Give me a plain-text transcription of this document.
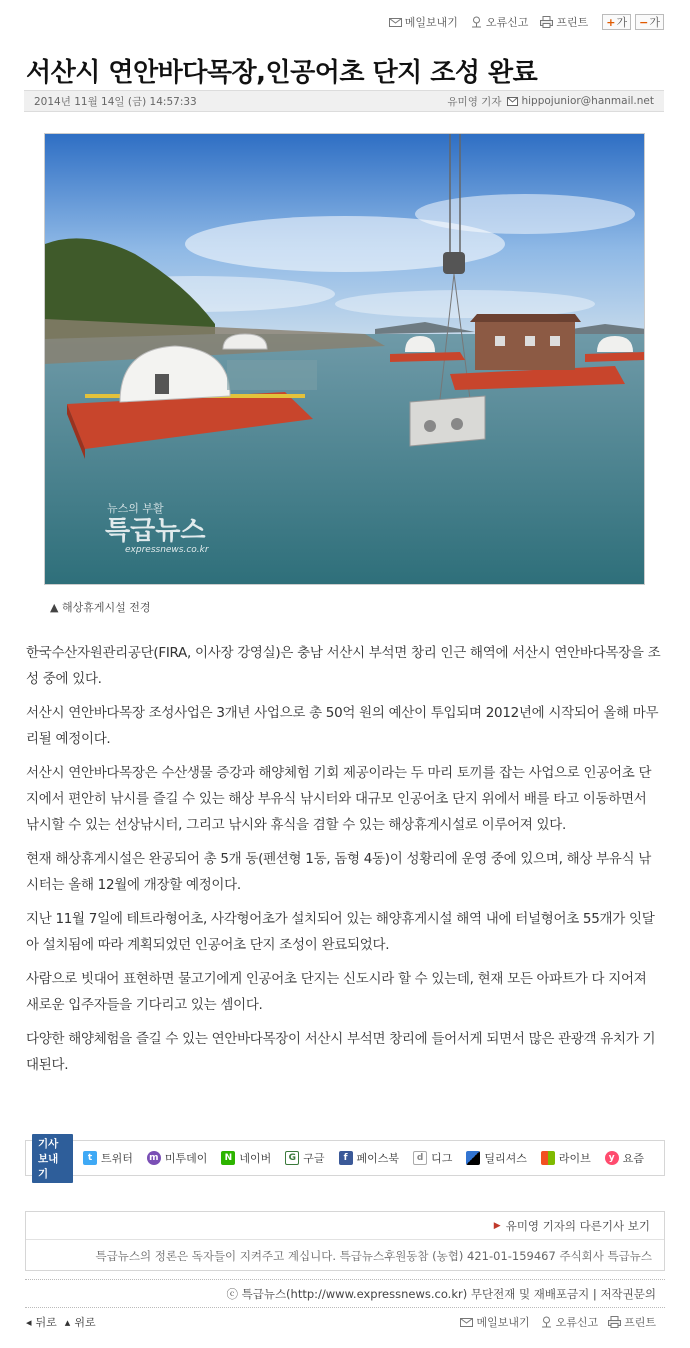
메일보내기	오류신고	프린트 + 가 − 가
서산시 연안바다목장,인공어초 단지 조성 완료
2014년 11월 14일 (금) 14:57:33	유미영 기자 hippojunior@hanmail.net
뉴스의 부활
특급뉴스
expressnews.co.kr
▲ 해상휴게시설 전경

한국수산자원관리공단(FIRA, 이사장 강영실)은 충남 서산시 부석면 창리 인근 해역에 서산시 연안바다목장을 조성 중에 있다.

서산시 연안바다목장 조성사업은 3개년 사업으로 총 50억 원의 예산이 투입되며 2012년에 시작되어 올해 마무리될 예정이다.

서산시 연안바다목장은 수산생물 증강과 해양체험 기회 제공이라는 두 마리 토끼를 잡는 사업으로 인공어초 단지에서 편안히 낚시를 즐길 수 있는 해상 부유식 낚시터와 대규모 인공어초 단지 위에서 배를 타고 이동하면서 낚시할 수 있는 선상낚시터, 그리고 낚시와 휴식을 겸할 수 있는 해상휴게시설로 이루어져 있다.

현재 해상휴게시설은 완공되어 총 5개 동(펜션형 1동, 돔형 4동)이 성황리에 운영 중에 있으며, 해상 부유식 낚시터는 올해 12월에 개장할 예정이다.

지난 11월 7일에 테트라형어초, 사각형어초가 설치되어 있는 해양휴게시설 해역 내에 터널형어초 55개가 잇달아 설치됨에 따라 계획되었던 인공어초 단지 조성이 완료되었다.

사람으로 빗대어 표현하면 물고기에게 인공어초 단지는 신도시라 할 수 있는데, 현재 모든 아파트가 다 지어져 새로운 입주자들을 기다리고 있는 셈이다.

다양한 해양체험을 즐길 수 있는 연안바다목장이 서산시 부석면 창리에 들어서게 되면서 많은 관광객 유치가 기대된다.

기사 보내기
t 트위터 m 미투데이	N 네이버	G 구글	f 페이스북	d 디그	딜리셔스	라이브	y 요즘
▶ 유미영 기자의 다른기사 보기
특급뉴스의 정론은 독자들이 지켜주고 계십니다. 특급뉴스후원동참 (농협) 421-01-159467 주식회사 특급뉴스
ⓒ 특급뉴스(http://www.expressnews.co.kr) 무단전재 및 재배포금지 | 저작권문의
◂ 뒤로 ▴ 위로	메일보내기 오류신고 프린트
